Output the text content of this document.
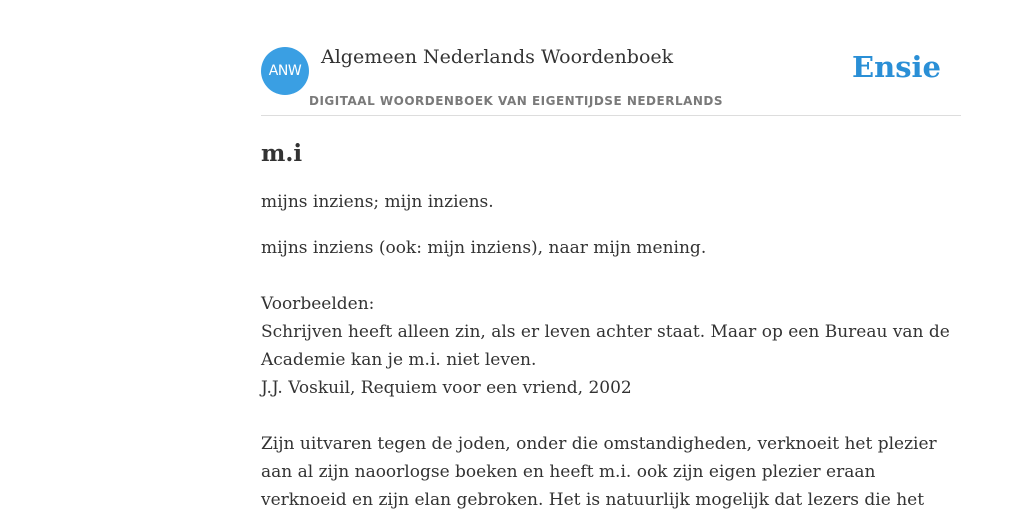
ANW
Algemeen Nederlands Woordenboek
DIGITAAL WOORDENBOEK VAN EIGENTIJDSE NEDERLANDS
Ensie
m.i

mijns inziens; mijn inziens.

mijns inziens (ook: mijn inziens), naar mijn mening.
Voorbeelden:
Schrijven heeft alleen zin, als er leven achter staat. Maar op een Bureau van de
Academie kan je m.i. niet leven.
J.J. Voskuil, Requiem voor een vriend, 2002
Zijn uitvaren tegen de joden, onder die omstandigheden, verknoeit het plezier
aan al zijn naoorlogse boeken en heeft m.i. ook zijn eigen plezier eraan
verknoeid en zijn elan gebroken. Het is natuurlijk mogelijk dat lezers die het
